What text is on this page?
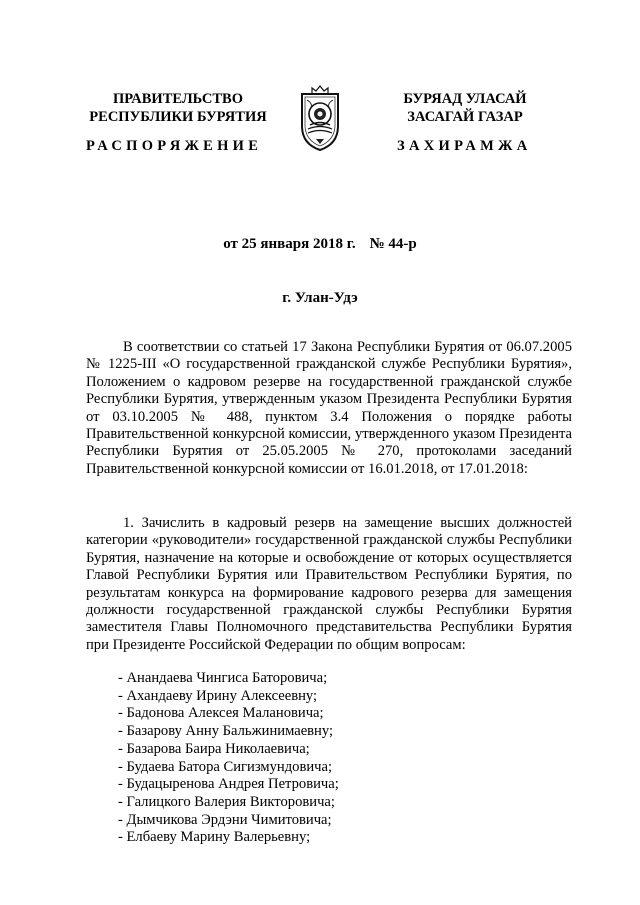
ПРАВИТЕЛЬСТВО
РЕСПУБЛИКИ БУРЯТИЯ
РАСПОРЯЖЕНИЕ
БУРЯАД УЛАСАЙ
ЗАСАГАЙ ГАЗАР
ЗАХИРАМЖА
от 25 января 2018 г. № 44-р
г. Улан-Удэ

В соответствии со статьей 17 Закона Республики Бурятия от 06.07.2005 № 1225-III «О государственной гражданской службе Республики Бурятия», Положением о кадровом резерве на государственной гражданской службе Республики Бурятия, утвержденным указом Президента Республики Бурятия от 03.10.2005 № 488, пунктом 3.4 Положения о порядке работы Правительственной конкурсной комиссии, утвержденного указом Президента Республики Бурятия от 25.05.2005 № 270, протоколами заседаний Правительственной конкурсной комиссии от 16.01.2018, от 17.01.2018:

1. Зачислить в кадровый резерв на замещение высших должностей категории «руководители» государственной гражданской службы Республики Бурятия, назначение на которые и освобождение от которых осуществляется Главой Республики Бурятия или Правительством Республики Бурятия, по результатам конкурса на формирование кадрового резерва для замещения должности государственной гражданской службы Республики Бурятия заместителя Главы Полномочного представительства Республики Бурятия при Президенте Российской Федерации по общим вопросам:

- Анандаева Чингиса Баторовича;
- Ахандаеву Ирину Алексеевну;
- Бадонова Алексея Малановича;
- Базарову Анну Бальжинимаевну;
- Базарова Баира Николаевича;
- Будаева Батора Сигизмундовича;
- Будацыренова Андрея Петровича;
- Галицкого Валерия Викторовича;
- Дымчикова Эрдэни Чимитовича;
- Елбаеву Марину Валерьевну;
